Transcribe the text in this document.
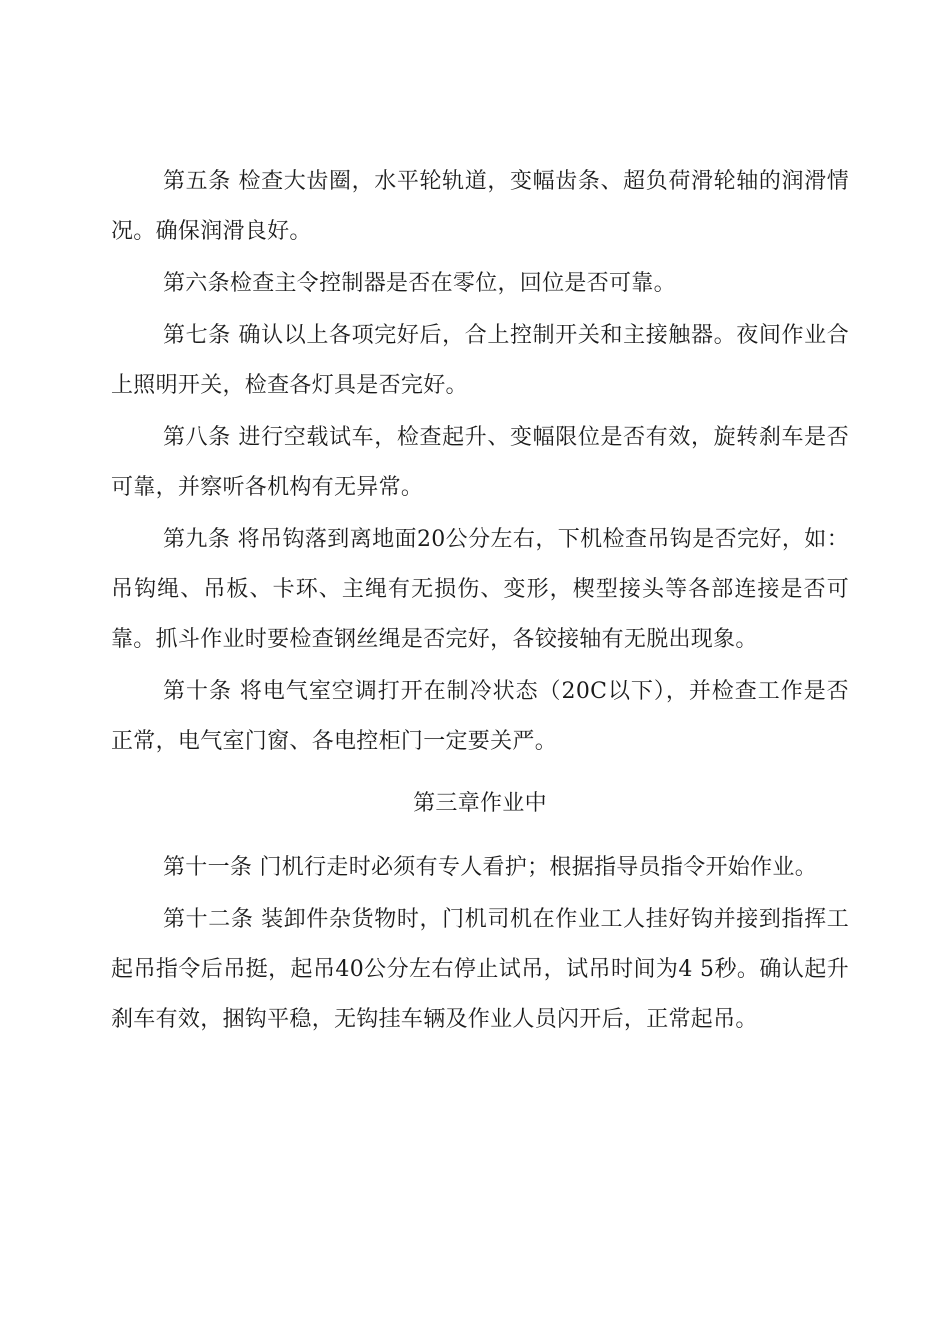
第五条 检查大齿圈，水平轮轨道，变幅齿条、超负荷滑轮轴的润滑情况。确保润滑良好。

第六条检查主令控制器是否在零位，回位是否可靠。

第七条 确认以上各项完好后，合上控制开关和主接触器。夜间作业合上照明开关，检查各灯具是否完好。

第八条 进行空载试车，检查起升、变幅限位是否有效，旋转刹车是否可靠，并察听各机构有无异常。

第九条 将吊钩落到离地面20公分左右，下机检查吊钩是否完好，如：吊钩绳、吊板、卡环、主绳有无损伤、变形，楔型接头等各部连接是否可靠。抓斗作业时要检查钢丝绳是否完好，各铰接轴有无脱出现象。

第十条 将电气室空调打开在制冷状态（20C以下），并检查工作是否正常，电气室门窗、各电控柜门一定要关严。

第三章作业中

第十一条 门机行走时必须有专人看护；根据指导员指令开始作业。

第十二条 装卸件杂货物时，门机司机在作业工人挂好钩并接到指挥工起吊指令后吊挺，起吊40公分左右停止试吊，试吊时间为4 5秒。确认起升刹车有效，捆钩平稳，无钩挂车辆及作业人员闪开后，正常起吊。
